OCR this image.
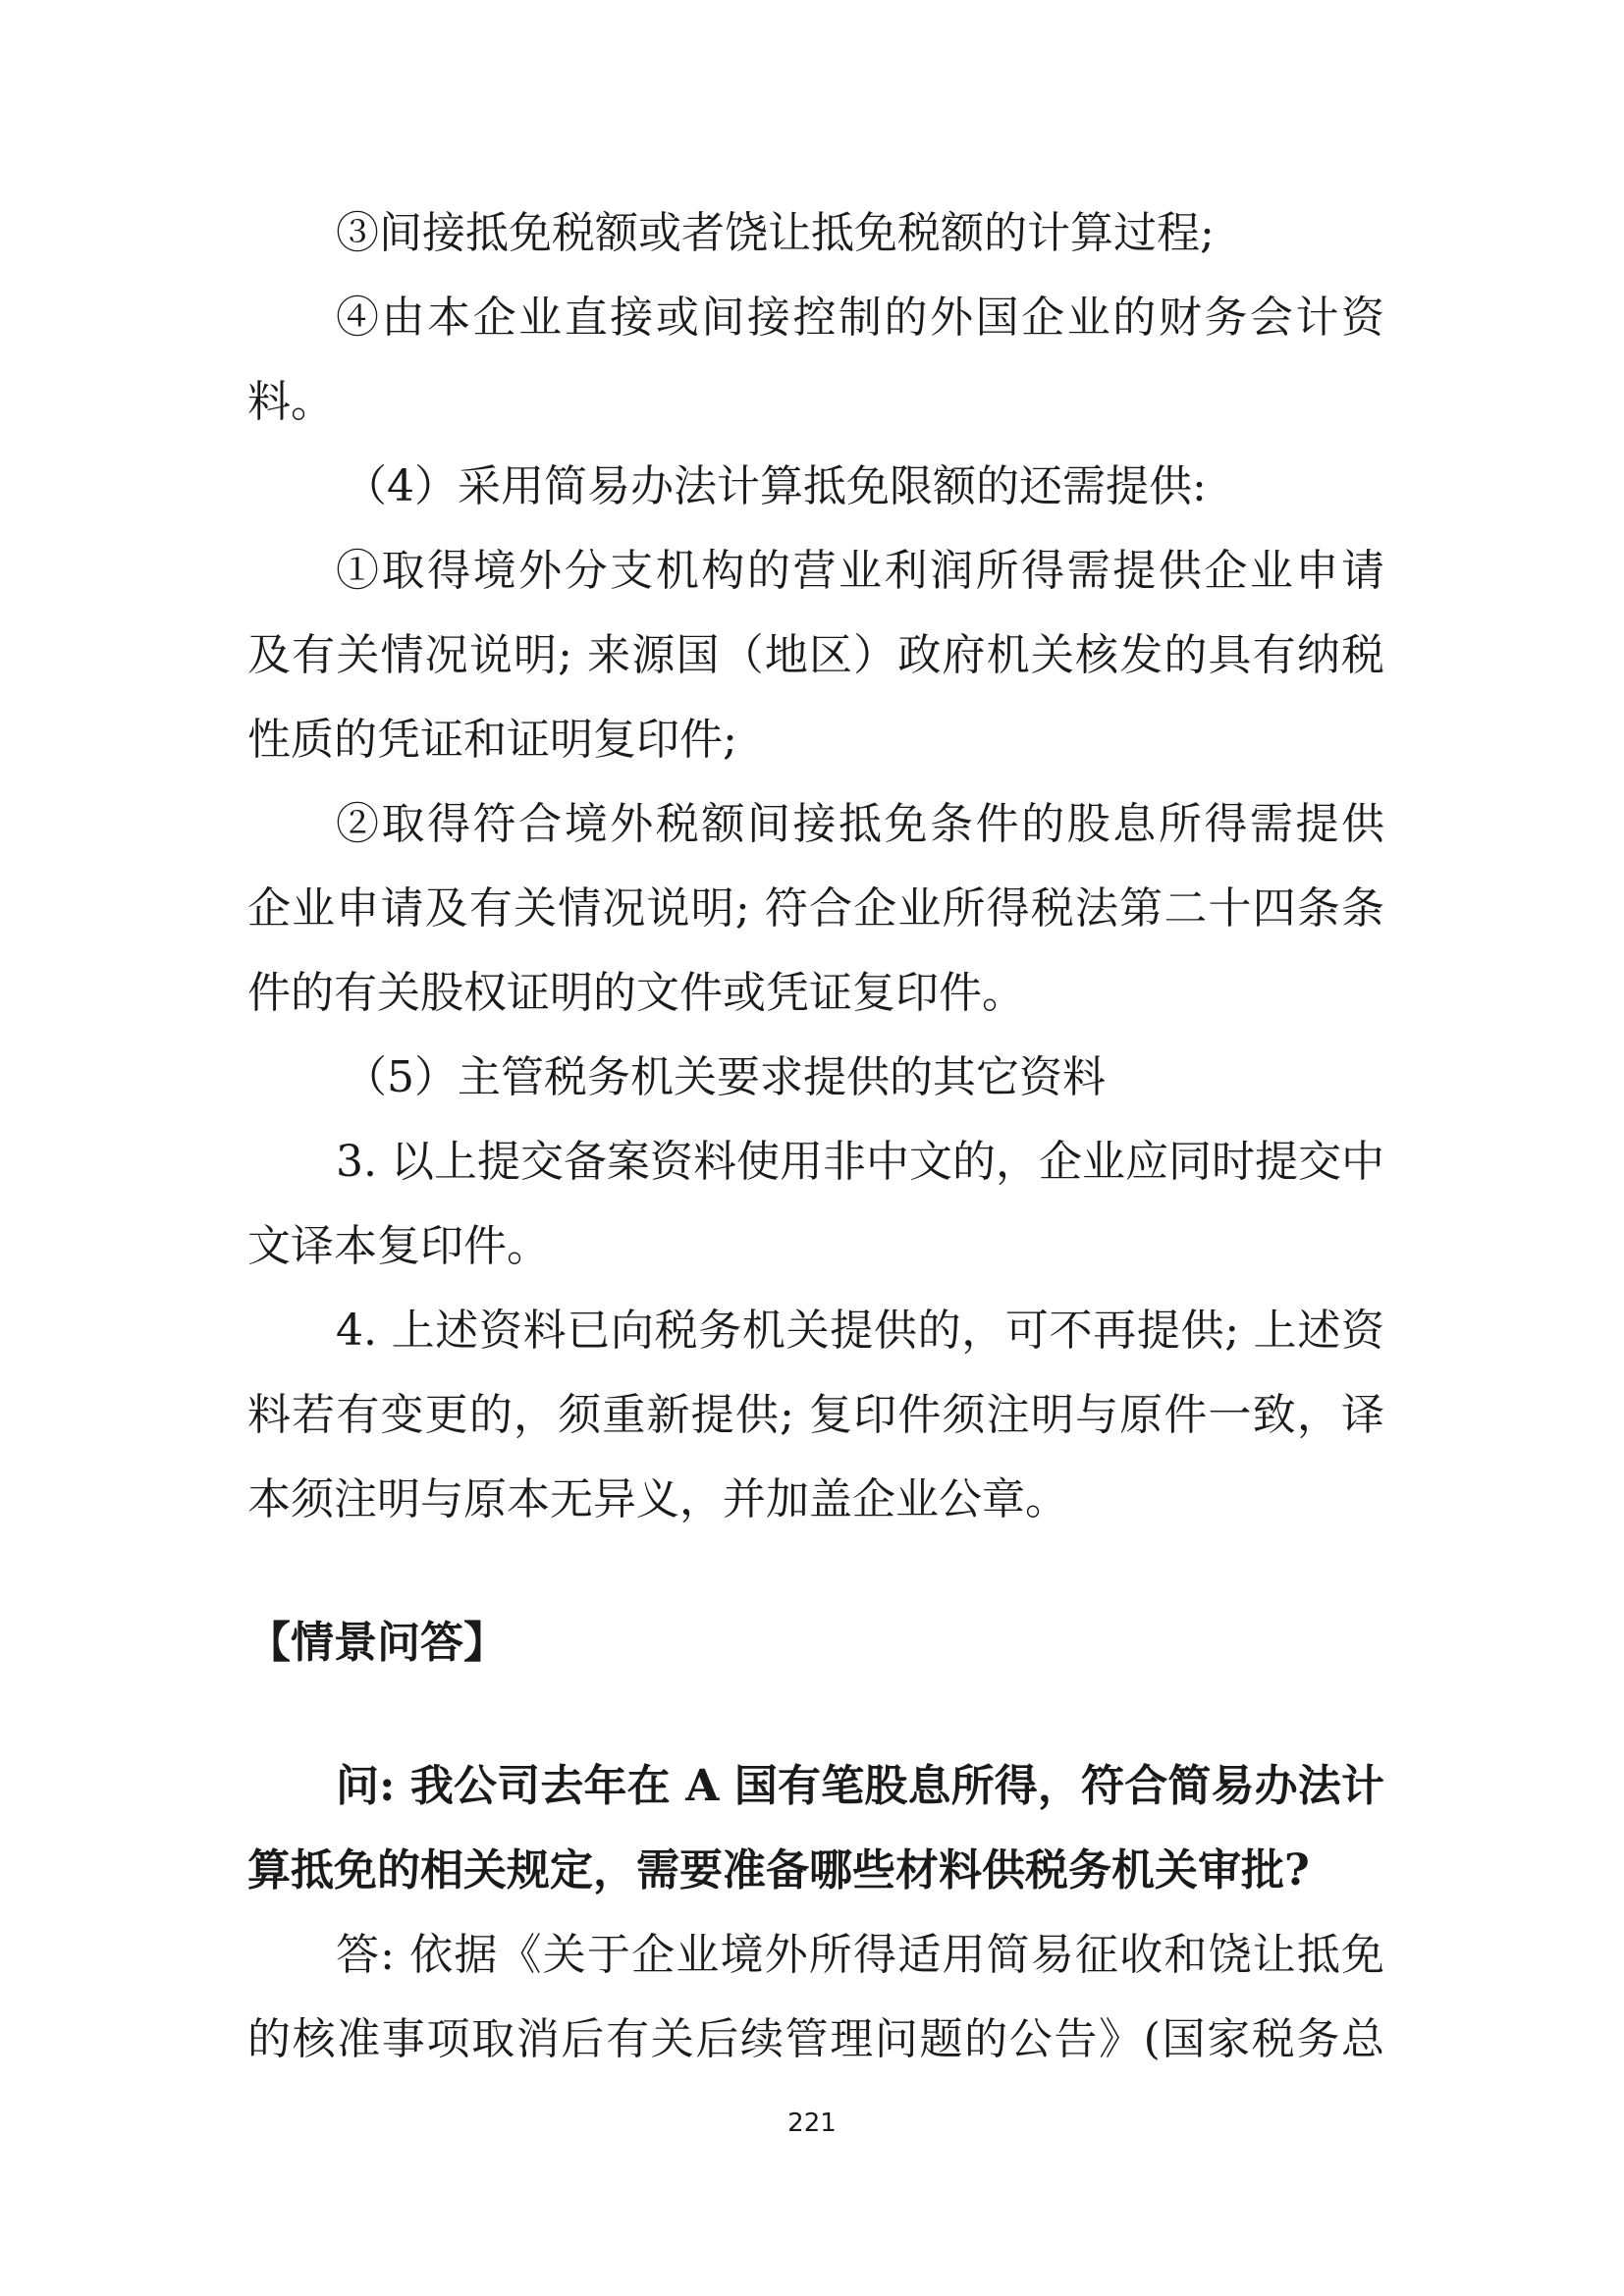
③间接抵免税额或者饶让抵免税额的计算过程;
④由本企业直接或间接控制的外国企业的财务会计资
料。
（4）采用简易办法计算抵免限额的还需提供:
①取得境外分支机构的营业利润所得需提供企业申请
及有关情况说明; 来源国（地区）政府机关核发的具有纳税
性质的凭证和证明复印件;
②取得符合境外税额间接抵免条件的股息所得需提供
企业申请及有关情况说明; 符合企业所得税法第二十四条条
件的有关股权证明的文件或凭证复印件。
（5）主管税务机关要求提供的其它资料
3. 以上提交备案资料使用非中文的，企业应同时提交中
文译本复印件。
4. 上述资料已向税务机关提供的，可不再提供; 上述资
料若有变更的，须重新提供; 复印件须注明与原件一致，译
本须注明与原本无异义，并加盖企业公章。
【情景问答】
问: 我公司去年在 A 国有笔股息所得，符合简易办法计
算抵免的相关规定，需要准备哪些材料供税务机关审批?
答: 依据《关于企业境外所得适用简易征收和饶让抵免
的核准事项取消后有关后续管理问题的公告》(国家税务总
221
